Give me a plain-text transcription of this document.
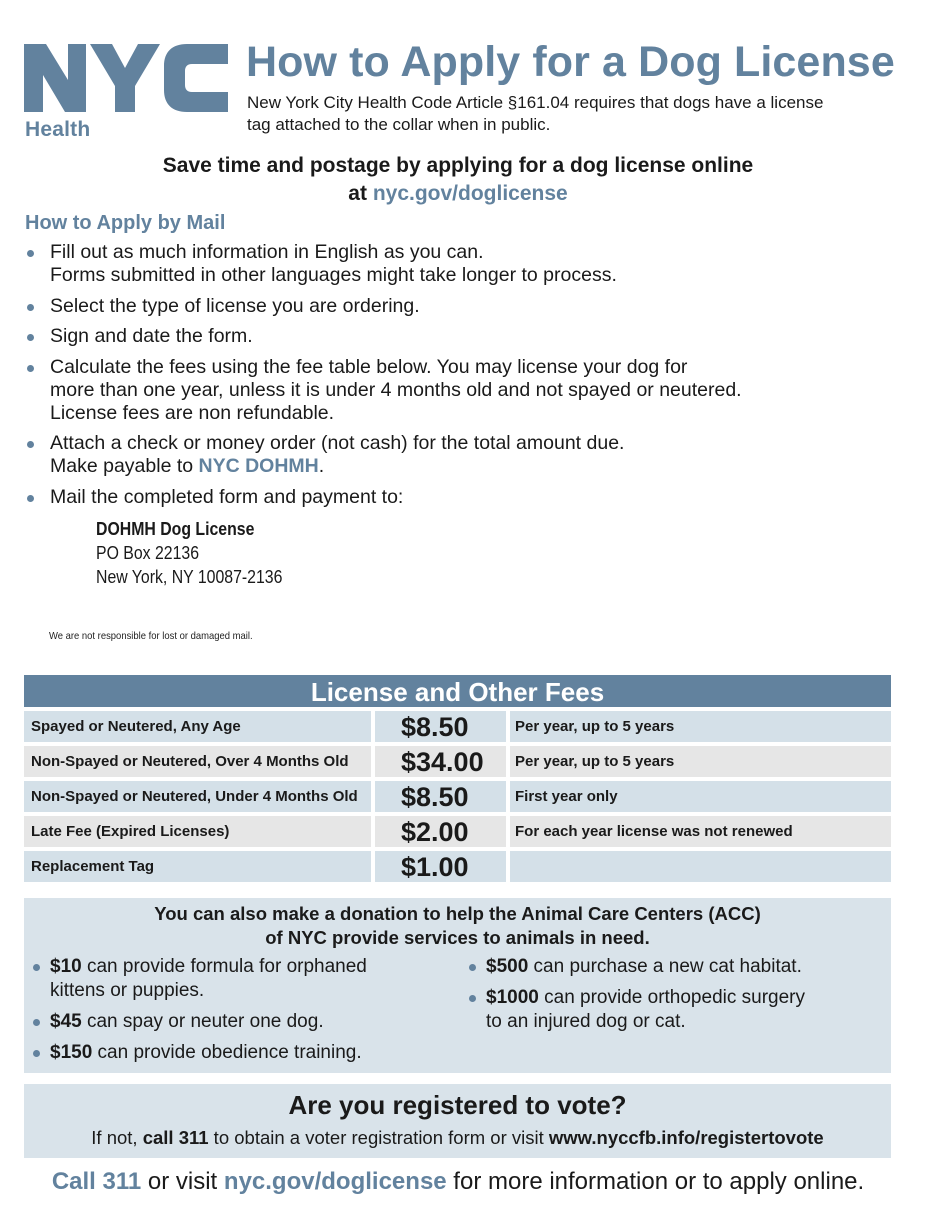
™
Health
How to Apply for a Dog License

New York City Health Code Article §161.04 requires that dogs have a license tag attached to the collar when in public.

Save time and postage by applying for a dog license online
at nyc.gov/doglicense
How to Apply by Mail
Fill out as much information in English as you can.
Forms submitted in other languages might take longer to process.
Select the type of license you are ordering.
Sign and date the form.
Calculate the fees using the fee table below. You may license your dog for
more than one year, unless it is under 4 months old and not spayed or neutered.
License fees are non refundable.
Attach a check or money order (not cash) for the total amount due.
Make payable to NYC DOHMH.
Mail the completed form and payment to:
DOHMH Dog License
PO Box 22136
New York, NY 10087-2136
We are not responsible for lost or damaged mail.
License and Other Fees
Spayed or Neutered, Any Age	$8.50	Per year, up to 5 years
Non-Spayed or Neutered, Over 4 Months Old	$34.00	Per year, up to 5 years
Non-Spayed or Neutered, Under 4 Months Old	$8.50	First year only
Late Fee (Expired Licenses)	$2.00	For each year license was not renewed
Replacement Tag	$1.00
You can also make a donation to help the Animal Care Centers (ACC)
of NYC provide services to animals in need.
$10 can provide formula for orphaned
kittens or puppies.
$45 can spay or neuter one dog.
$150 can provide obedience training.
$500 can purchase a new cat habitat.
$1000 can provide orthopedic surgery
to an injured dog or cat.
Are you registered to vote?
If not, call 311 to obtain a voter registration form or visit www.nyccfb.info/registertovote
Call 311 or visit nyc.gov/doglicense for more information or to apply online.
